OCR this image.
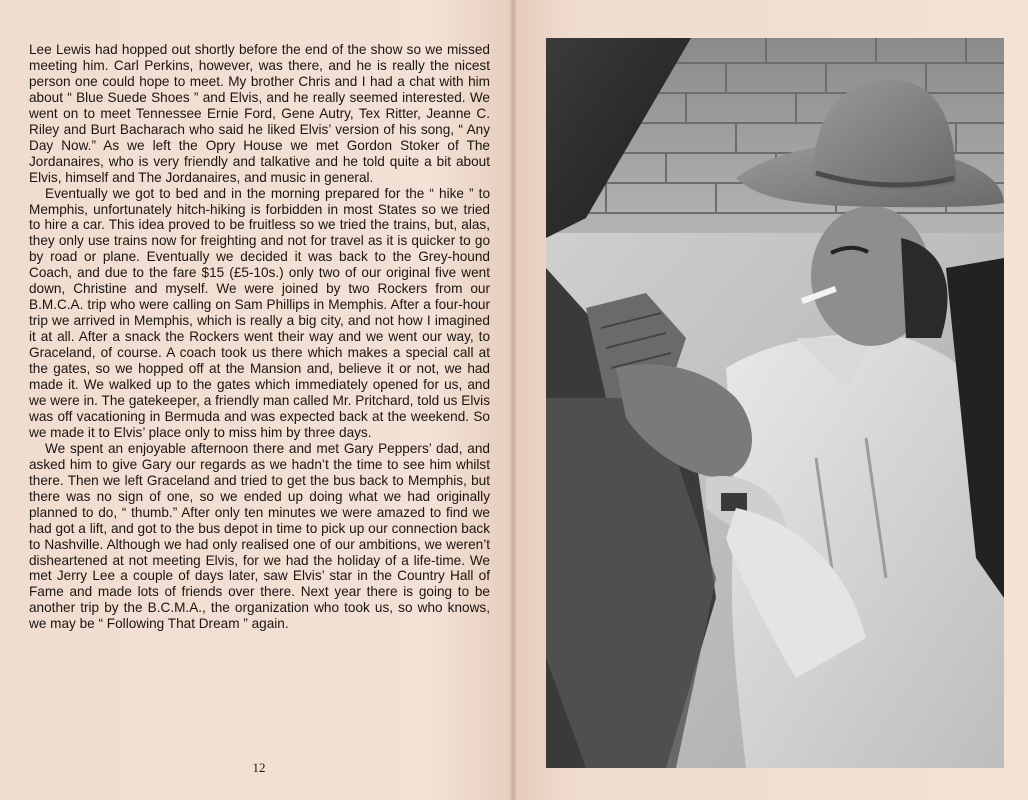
Lee Lewis had hopped out shortly before the end of the show so we missed meeting him. Carl Perkins, however, was there, and he is really the nicest person one could hope to meet. My brother Chris and I had a chat with him about “ Blue Suede Shoes ” and Elvis, and he really seemed interested. We went on to meet Tennessee Ernie Ford, Gene Autry, Tex Ritter, Jeanne C. Riley and Burt Bacharach who said he liked Elvis’ version of his song, “ Any Day Now.” As we left the Opry House we met Gordon Stoker of The Jordanaires, who is very friendly and talkative and he told quite a bit about Elvis, himself and The Jordanaires, and music in general.

Eventually we got to bed and in the morning prepared for the “ hike ” to Memphis, unfortunately hitch-hiking is forbidden in most States so we tried to hire a car. This idea proved to be fruitless so we tried the trains, but, alas, they only use trains now for freighting and not for travel as it is quicker to go by road or plane. Eventually we decided it was back to the Grey-hound Coach, and due to the fare $15 (£5-10s.) only two of our original five went down, Christine and myself. We were joined by two Rockers from our B.M.C.A. trip who were calling on Sam Phillips in Memphis. After a four-hour trip we arrived in Memphis, which is really a big city, and not how I imagined it at all. After a snack the Rockers went their way and we went our way, to Graceland, of course. A coach took us there which makes a special call at the gates, so we hopped off at the Mansion and, believe it or not, we had made it. We walked up to the gates which immediately opened for us, and we were in. The gatekeeper, a friendly man called Mr. Pritchard, told us Elvis was off vacationing in Bermuda and was expected back at the weekend. So we made it to Elvis’ place only to miss him by three days.

We spent an enjoyable afternoon there and met Gary Peppers’ dad, and asked him to give Gary our regards as we hadn’t the time to see him whilst there. Then we left Graceland and tried to get the bus back to Memphis, but there was no sign of one, so we ended up doing what we had originally planned to do, “ thumb.” After only ten minutes we were amazed to find we had got a lift, and got to the bus depot in time to pick up our connection back to Nashville. Although we had only realised one of our ambitions, we weren’t disheartened at not meeting Elvis, for we had the holiday of a life-time. We met Jerry Lee a couple of days later, saw Elvis’ star in the Country Hall of Fame and made lots of friends over there. Next year there is going to be another trip by the B.C.M.A., the organization who took us, so who knows, we may be “ Following That Dream ” again.

12
